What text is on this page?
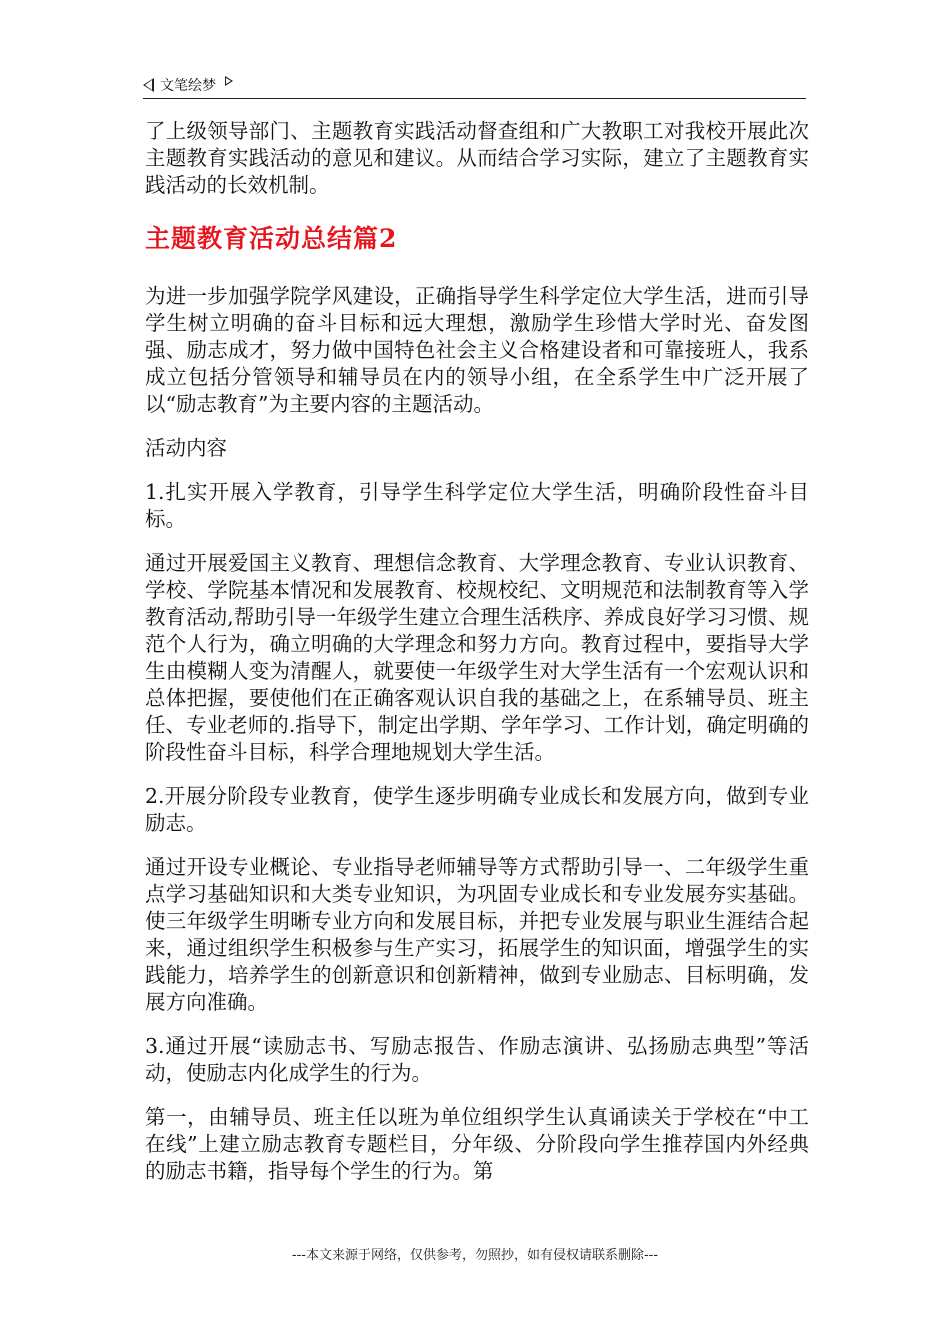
文笔绘梦

了上级领导部门、主题教育实践活动督查组和广大教职工对我校开展此次主题教育实践活动的意见和建议。从而结合学习实际，建立了主题教育实践活动的长效机制。

主题教育活动总结篇2

为进一步加强学院学风建设，正确指导学生科学定位大学生活，进而引导学生树立明确的奋斗目标和远大理想，激励学生珍惜大学时光、奋发图强、励志成才，努力做中国特色社会主义合格建设者和可靠接班人，我系成立包括分管领导和辅导员在内的领导小组，在全系学生中广泛开展了以“励志教育”为主要内容的主题活动。

活动内容

1.扎实开展入学教育，引导学生科学定位大学生活，明确阶段性奋斗目标。

通过开展爱国主义教育、理想信念教育、大学理念教育、专业认识教育、学校、学院基本情况和发展教育、校规校纪、文明规范和法制教育等入学教育活动,帮助引导一年级学生建立合理生活秩序、养成良好学习习惯、规范个人行为，确立明确的大学理念和努力方向。教育过程中，要指导大学生由模糊人变为清醒人，就要使一年级学生对大学生活有一个宏观认识和总体把握，要使他们在正确客观认识自我的基础之上，在系辅导员、班主任、专业老师的.指导下，制定出学期、学年学习、工作计划，确定明确的阶段性奋斗目标，科学合理地规划大学生活。

2.开展分阶段专业教育，使学生逐步明确专业成长和发展方向，做到专业励志。

通过开设专业概论、专业指导老师辅导等方式帮助引导一、二年级学生重点学习基础知识和大类专业知识，为巩固专业成长和专业发展夯实基础。使三年级学生明晰专业方向和发展目标，并把专业发展与职业生涯结合起来，通过组织学生积极参与生产实习，拓展学生的知识面，增强学生的实践能力，培养学生的创新意识和创新精神，做到专业励志、目标明确，发展方向准确。

3.通过开展“读励志书、写励志报告、作励志演讲、弘扬励志典型”等活动，使励志内化成学生的行为。

第一，由辅导员、班主任以班为单位组织学生认真诵读关于学校在“中工在线”上建立励志教育专题栏目，分年级、分阶段向学生推荐国内外经典的励志书籍，指导每个学生的行为。第

---本文来源于网络，仅供参考，勿照抄，如有侵权请联系删除---
